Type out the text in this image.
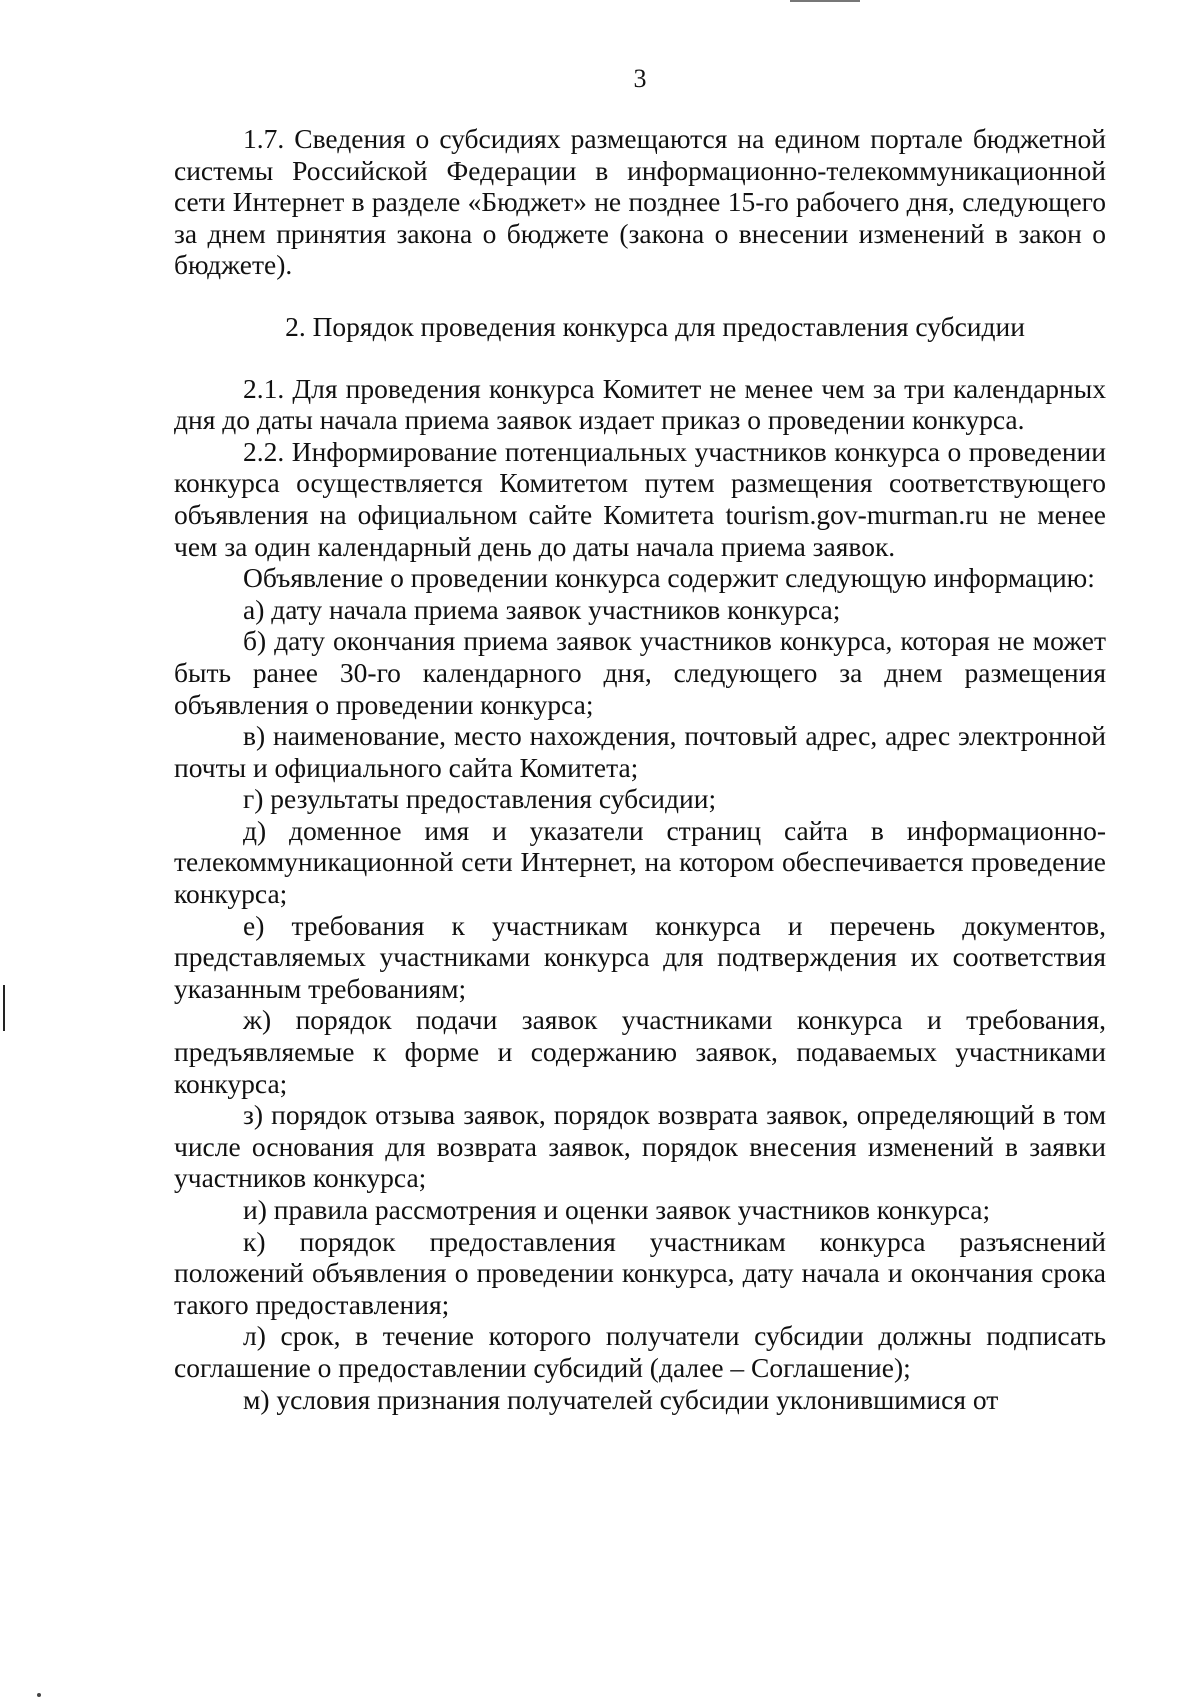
3

1.7. Сведения о субсидиях размещаются на едином портале бюджетной системы Российской Федерации в информационно-телекоммуникационной сети Интернет в разделе «Бюджет» не позднее 15-го рабочего дня, следующего за днем принятия закона о бюджете (закона о внесении изменений в закон о бюджете).

2. Порядок проведения конкурса для предоставления субсидии

2.1. Для проведения конкурса Комитет не менее чем за три календарных дня до даты начала приема заявок издает приказ о проведении конкурса.

2.2. Информирование потенциальных участников конкурса о проведении конкурса осуществляется Комитетом путем размещения соответствующего объявления на официальном сайте Комитета tourism.gov-murman.ru не менее чем за один календарный день до даты начала приема заявок.

Объявление о проведении конкурса содержит следующую информацию:

а) дату начала приема заявок участников конкурса;

б) дату окончания приема заявок участников конкурса, которая не может быть ранее 30-го календарного дня, следующего за днем размещения объявления о проведении конкурса;

в) наименование, место нахождения, почтовый адрес, адрес электронной почты и официального сайта Комитета;

г) результаты предоставления субсидии;

д) доменное имя и указатели страниц сайта в информационно-телекоммуникационной сети Интернет, на котором обеспечивается проведение конкурса;

е) требования к участникам конкурса и перечень документов, представляемых участниками конкурса для подтверждения их соответствия указанным требованиям;

ж) порядок подачи заявок участниками конкурса и требования, предъявляемые к форме и содержанию заявок, подаваемых участниками конкурса;

з) порядок отзыва заявок, порядок возврата заявок, определяющий в том числе основания для возврата заявок, порядок внесения изменений в заявки участников конкурса;

и) правила рассмотрения и оценки заявок участников конкурса;

к) порядок предоставления участникам конкурса разъяснений положений объявления о проведении конкурса, дату начала и окончания срока такого предоставления;

л) срок, в течение которого получатели субсидии должны подписать соглашение о предоставлении субсидий (далее – Соглашение);

м) условия признания получателей субсидии уклонившимися от
